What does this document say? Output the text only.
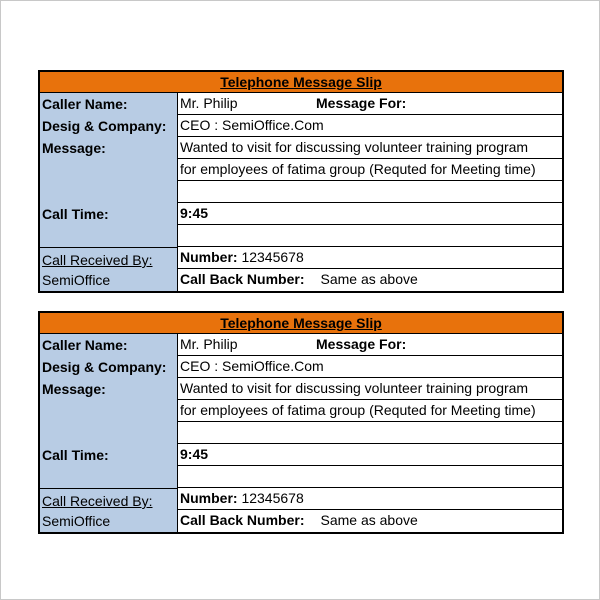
Telephone Message Slip
Caller Name:
Desig & Company:
Message:
Call Time:
Call Received By:
SemiOffice
Mr. Philip	Message For:
CEO : SemiOffice.Com
Wanted to visit for discussing volunteer training program
for employees of fatima group (Requted for Meeting time)
9:45
Number: 12345678
Call Back Number: Same as above
Telephone Message Slip
Caller Name:
Desig & Company:
Message:
Call Time:
Call Received By:
SemiOffice
Mr. Philip	Message For:
CEO : SemiOffice.Com
Wanted to visit for discussing volunteer training program
for employees of fatima group (Requted for Meeting time)
9:45
Number: 12345678
Call Back Number: Same as above
